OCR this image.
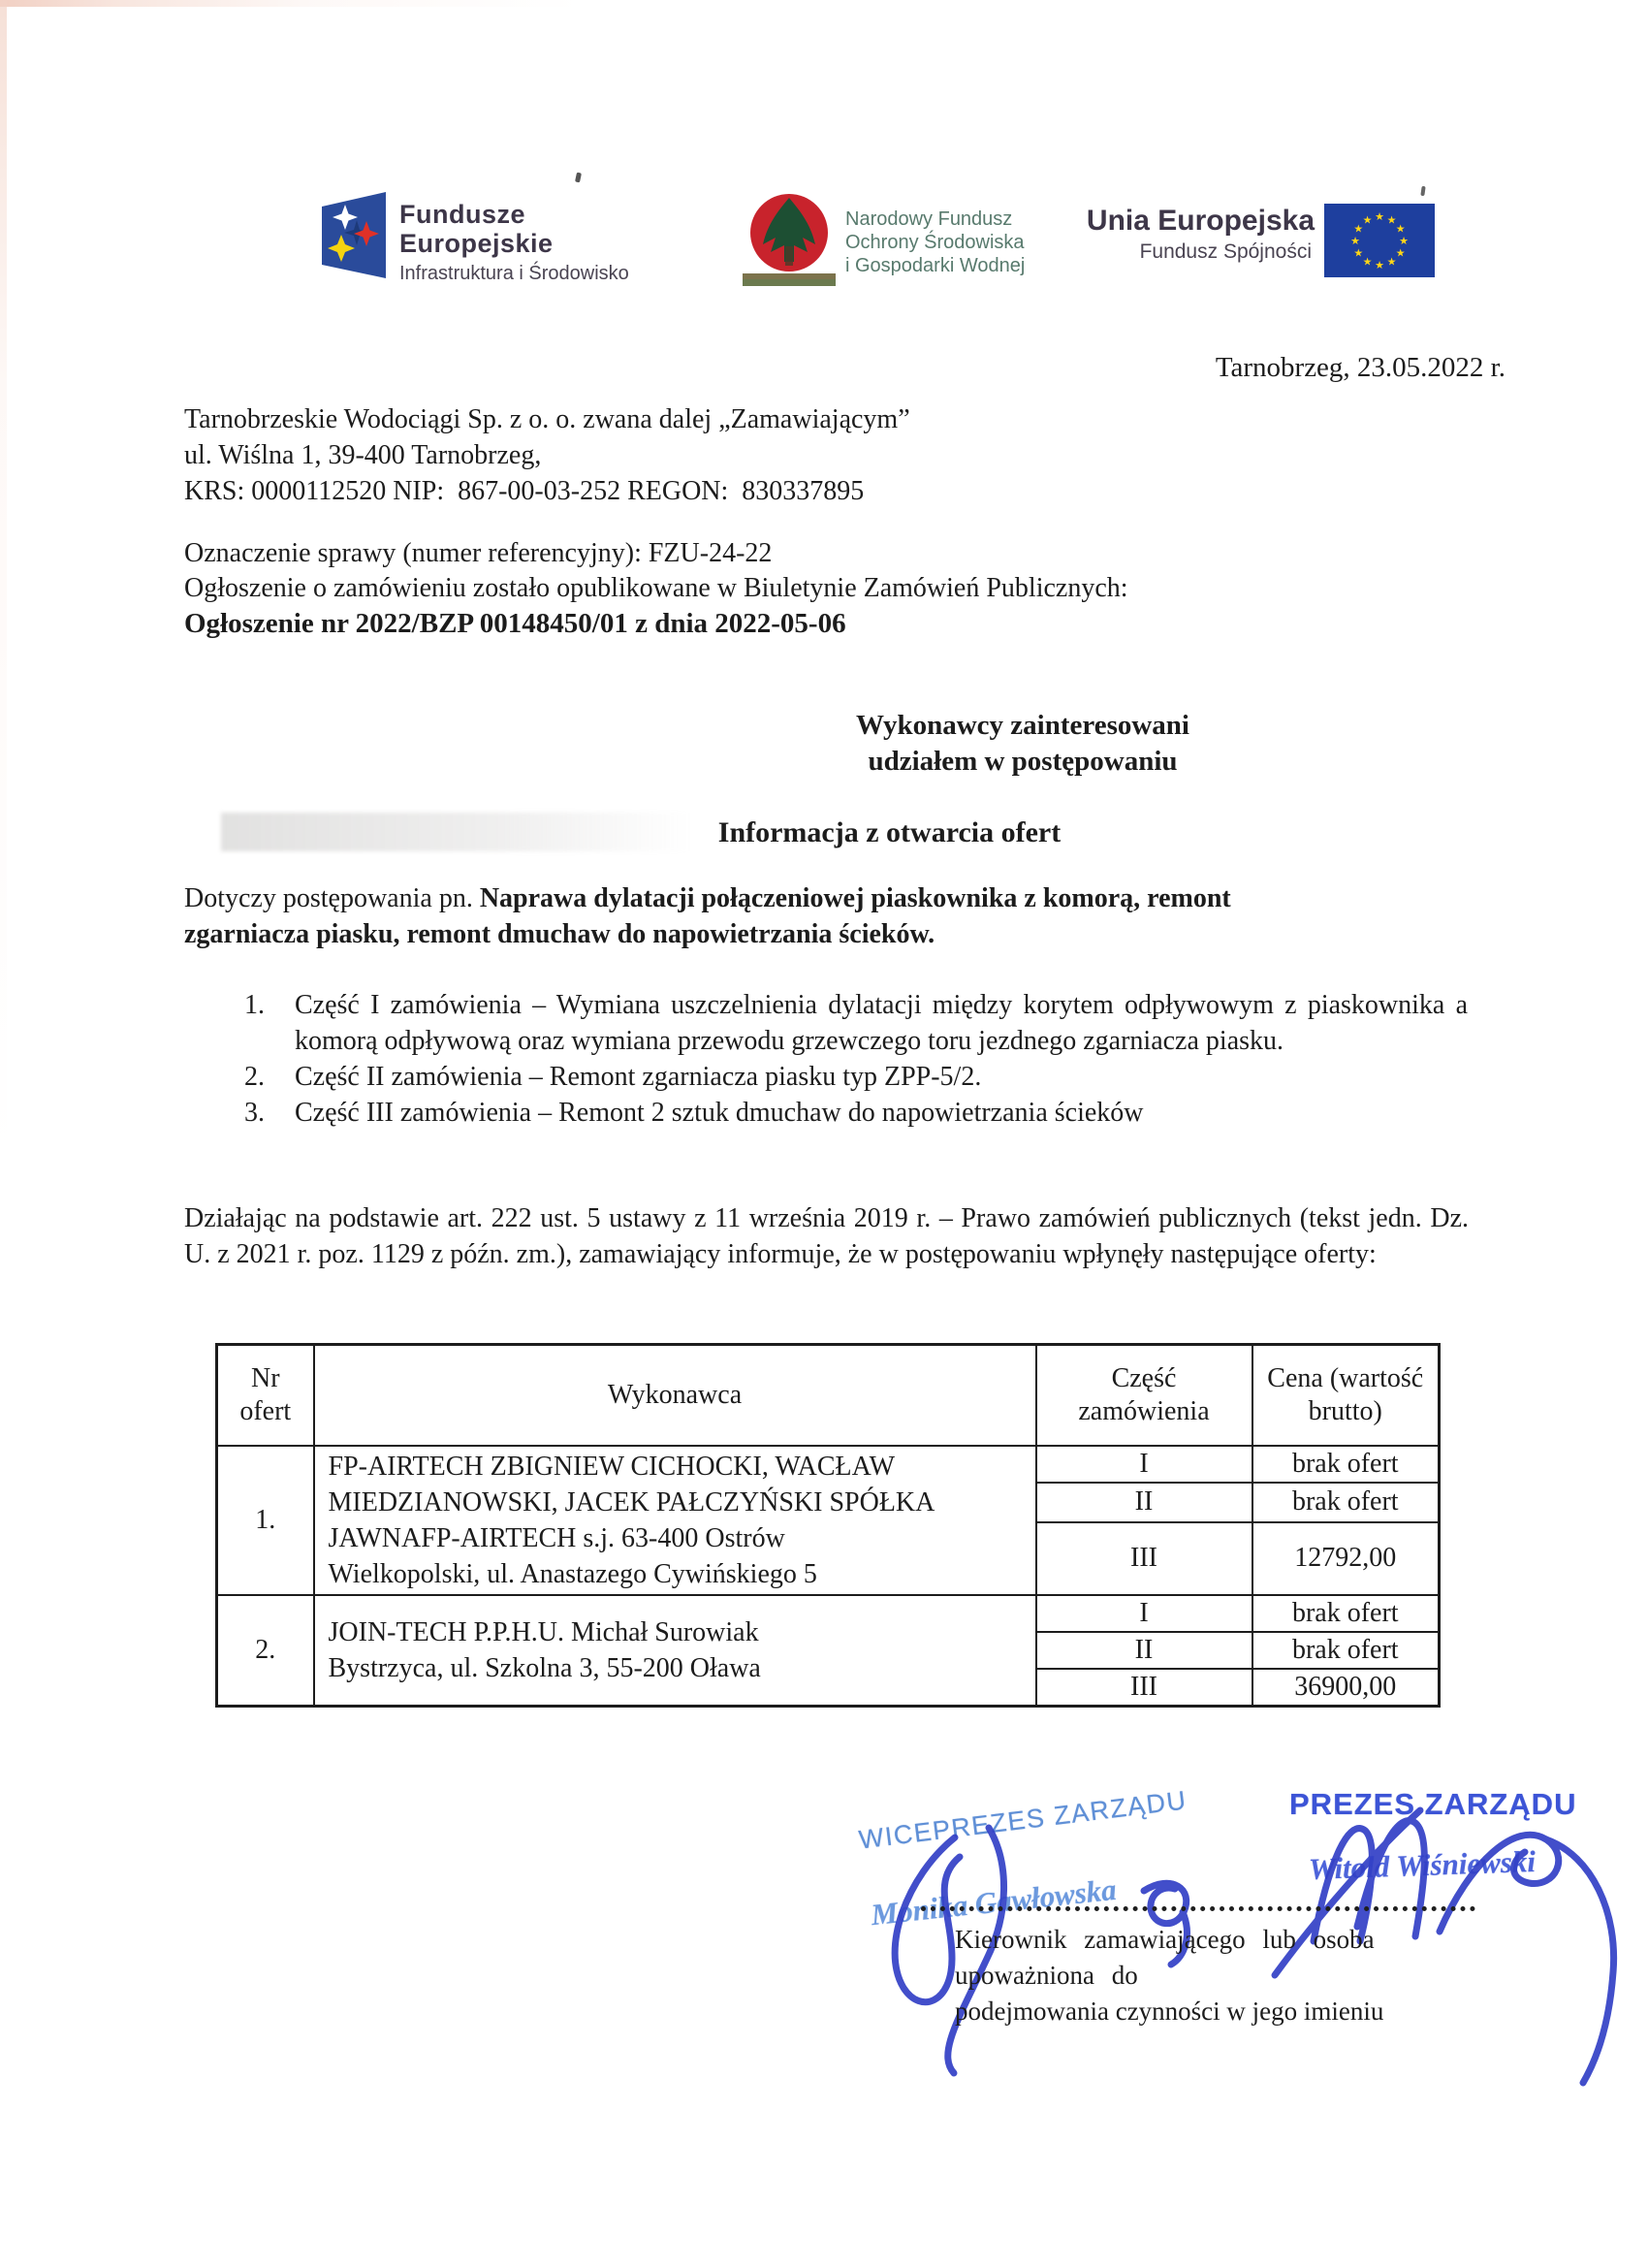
Fundusze
Europejskie
Infrastruktura i Środowisko
Narodowy Fundusz
Ochrony Środowiska
i Gospodarki Wodnej
Unia Europejska
Fundusz Spójności
★ ★
★
★
★
★
★
★
★
★
★
★
Tarnobrzeg, 23.05.2022 r.
Tarnobrzeskie Wodociągi Sp. z o. o. zwana dalej „Zamawiającym”
ul. Wiślna 1, 39-400 Tarnobrzeg,
KRS: 0000112520 NIP:  867-00-03-252 REGON:  830337895
Oznaczenie sprawy (numer referencyjny): FZU-24-22
Ogłoszenie o zamówieniu zostało opublikowane w Biuletynie Zamówień Publicznych:
Ogłoszenie nr 2022/BZP 00148450/01 z dnia 2022-05-06
Wykonawcy zainteresowani
udziałem w postępowaniu
Informacja z otwarcia ofert
Dotyczy postępowania pn. Naprawa dylatacji połączeniowej piaskownika z komorą, remont
zgarniacza piasku, remont dmuchaw do napowietrzania ścieków.
1.	Część I zamówienia – Wymiana uszczelnienia dylatacji między korytem odpływowym z piaskownika a komorą odpływową oraz wymiana przewodu grzewczego toru jezdnego zgarniacza piasku.
2.	Część II zamówienia – Remont zgarniacza piasku typ ZPP-5/2.
3.	Część III zamówienia – Remont 2 sztuk dmuchaw do napowietrzania ścieków
Działając na podstawie art. 222 ust. 5 ustawy z 11 września 2019 r. – Prawo zamówień publicznych (tekst jedn. Dz. U. z 2021 r. poz. 1129 z późn. zm.), zamawiający informuje, że w postępowaniu wpłynęły następujące oferty:
Nr ofert	Wykonawca	Część zamówienia	Cena (wartość brutto)
1.	FP-AIRTECH ZBIGNIEW CICHOCKI, WACŁAW
MIEDZIANOWSKI, JACEK PAŁCZYŃSKI SPÓŁKA
JAWNAFP-AIRTECH s.j. 63-400 Ostrów
Wielkopolski, ul. Anastazego Cywińskiego 5	I	brak ofert
		II	brak ofert
		III	12792,00
2.	JOIN-TECH P.P.H.U. Michał Surowiak
Bystrzyca, ul. Szkolna 3, 55-200 Oława	I	brak ofert
		II	brak ofert
		III	36900,00
WICEPREZES ZARZĄDU
Monika Gawłowska
PREZES ZARZĄDU
Witold Wiśniewski
Kierownik zamawiającego lub osoba upoważniona do
podejmowania czynności w jego imieniu
